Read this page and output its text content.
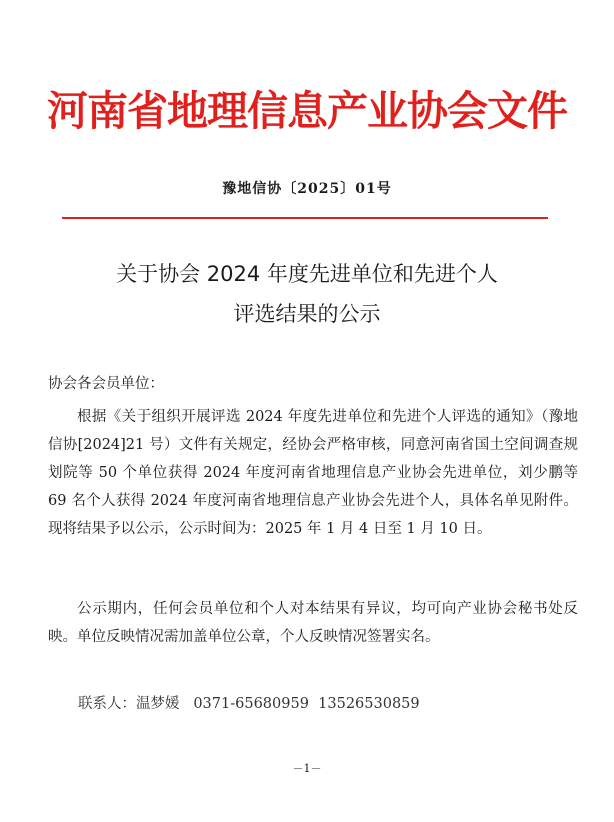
河南省地理信息产业协会文件
豫地信协〔2025〕01号
关于协会 2024 年度先进单位和先进个人
评选结果的公示
协会各会员单位：
根据《关于组织开展评选 2024 年度先进单位和先进个人评选的通知》（豫地信协[2024]21 号）文件有关规定，经协会严格审核，同意河南省国土空间调查规划院等 50 个单位获得 2024 年度河南省地理信息产业协会先进单位，刘少鹏等 69 名个人获得 2024 年度河南省地理信息产业协会先进个人，具体名单见附件。现将结果予以公示，公示时间为：2025 年 1 月 4 日至 1 月 10 日。
公示期内，任何会员单位和个人对本结果有异议，均可向产业协会秘书处反映。单位反映情况需加盖单位公章，个人反映情况签署实名。
联系人：温梦媛   0371-65680959  13526530859
－1－
